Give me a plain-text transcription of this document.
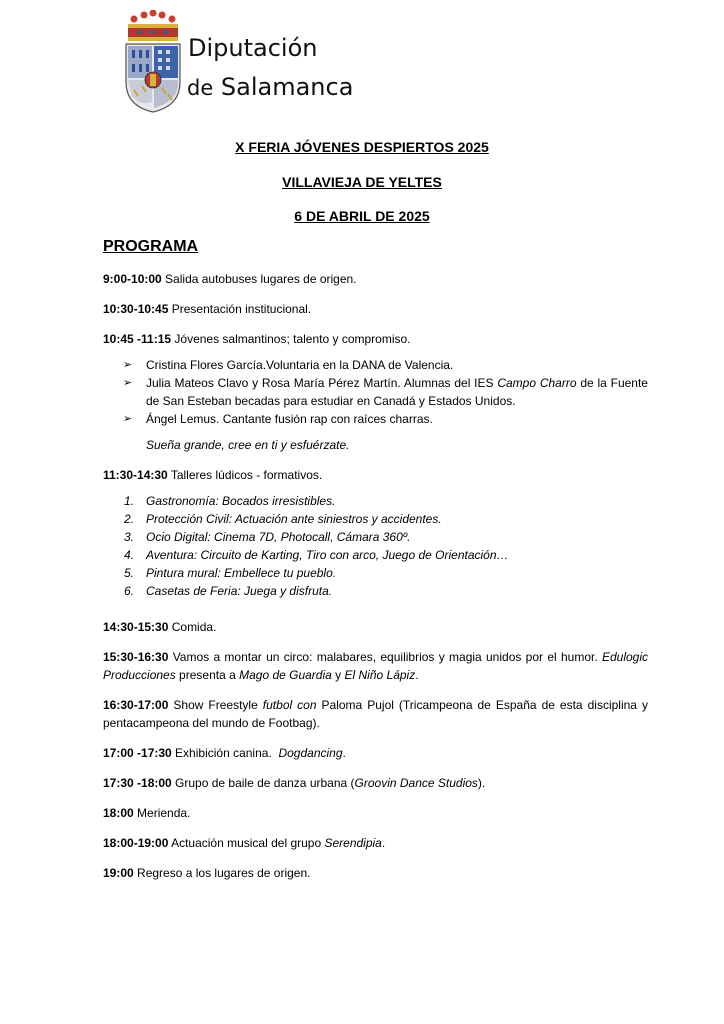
Diputación
de Salamanca
X FERIA JÓVENES DESPIERTOS 2025
VILLAVIEJA DE YELTES
6 DE ABRIL DE 2025
PROGRAMA

9:00-10:00 Salida autobuses lugares de origen.

10:30-10:45 Presentación institucional.

10:45 -11:15 Jóvenes salmantinos; talento y compromiso.

➢ Cristina Flores García.Voluntaria en la DANA de Valencia.
➢ Julia Mateos Clavo y Rosa María Pérez Martín. Alumnas del IES Campo Charro de la Fuente de San Esteban becadas para estudiar en Canadá y Estados Unidos.
➢ Ángel Lemus. Cantante fusión rap con raíces charras.

Sueña grande, cree en ti y esfuérzate.

11:30-14:30 Talleres lúdicos - formativos.

1. Gastronomía: Bocados irresistibles.
2. Protección Civil: Actuación ante siniestros y accidentes.
3. Ocio Digital: Cinema 7D, Photocall, Cámara 360º.
4. Aventura: Circuito de Karting, Tiro con arco, Juego de Orientación…
5. Pintura mural: Embellece tu pueblo.
6. Casetas de Feria: Juega y disfruta.

14:30-15:30 Comida.

15:30-16:30 Vamos a montar un circo: malabares, equilibrios y magia unidos por el humor. Edulogic Producciones presenta a Mago de Guardia y El Niño Lápiz.

16:30-17:00 Show Freestyle futbol con Paloma Pujol (Tricampeona de España de esta disciplina y pentacampeona del mundo de Footbag).

17:00 -17:30 Exhibición canina.  Dogdancing.

17:30 -18:00 Grupo de baile de danza urbana (Groovin Dance Studios).

18:00 Merienda.

18:00-19:00 Actuación musical del grupo Serendipia.

19:00 Regreso a los lugares de origen.
